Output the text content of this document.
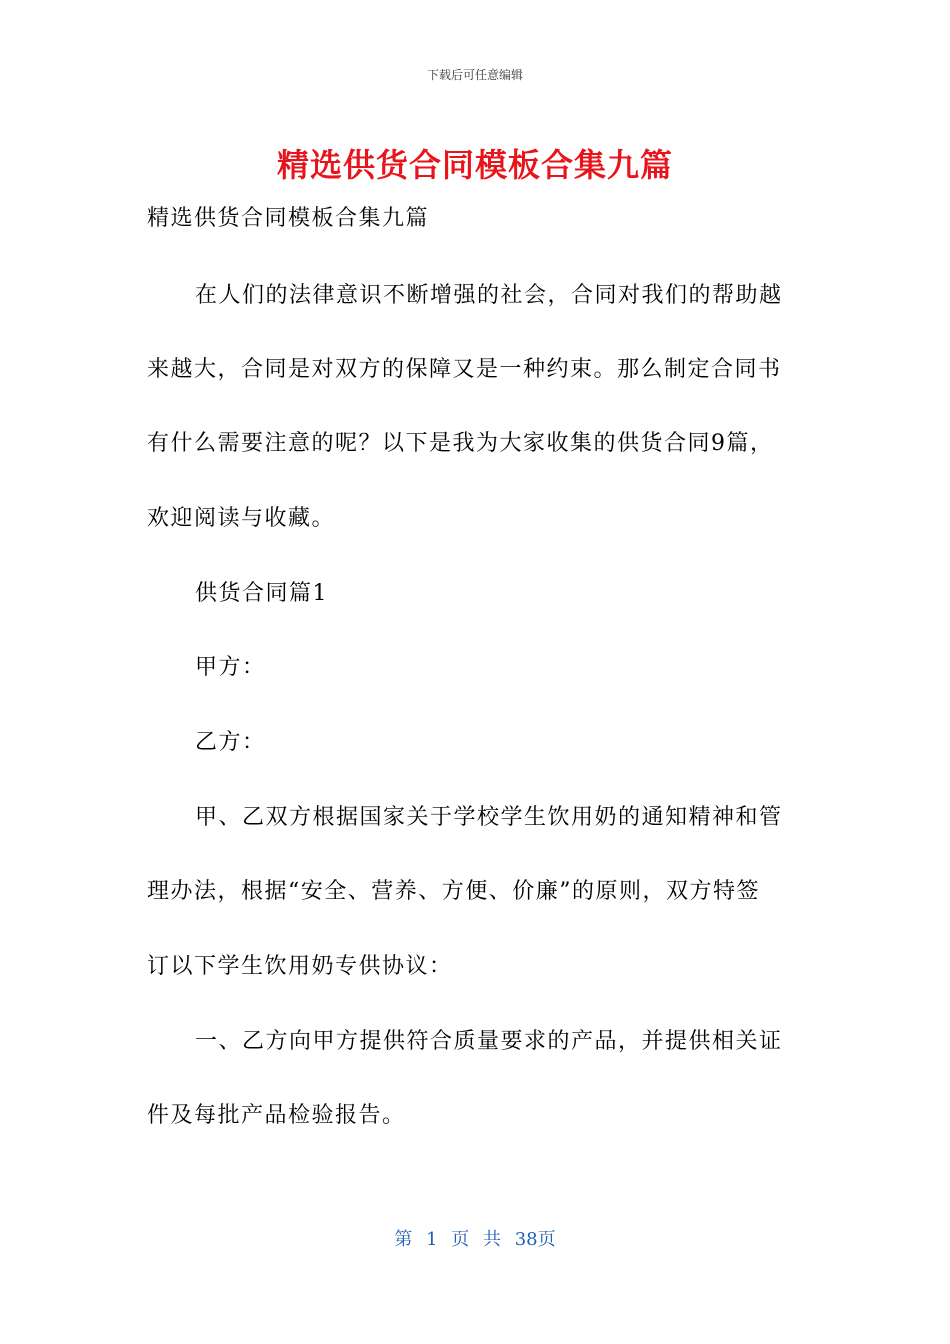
下载后可任意编辑
精选供货合同模板合集九篇
精选供货合同模板合集九篇
在人们的法律意识不断增强的社会，合同对我们的帮助越
来越大，合同是对双方的保障又是一种约束。那么制定合同书
有什么需要注意的呢？以下是我为大家收集的供货合同9篇，
欢迎阅读与收藏。
供货合同篇1
甲方：
乙方：
甲、乙双方根据国家关于学校学生饮用奶的通知精神和管
理办法，根据“安全、营养、方便、价廉”的原则，双方特签
订以下学生饮用奶专供协议：
一、乙方向甲方提供符合质量要求的产品，并提供相关证
件及每批产品检验报告。
第 1 页 共 38页
